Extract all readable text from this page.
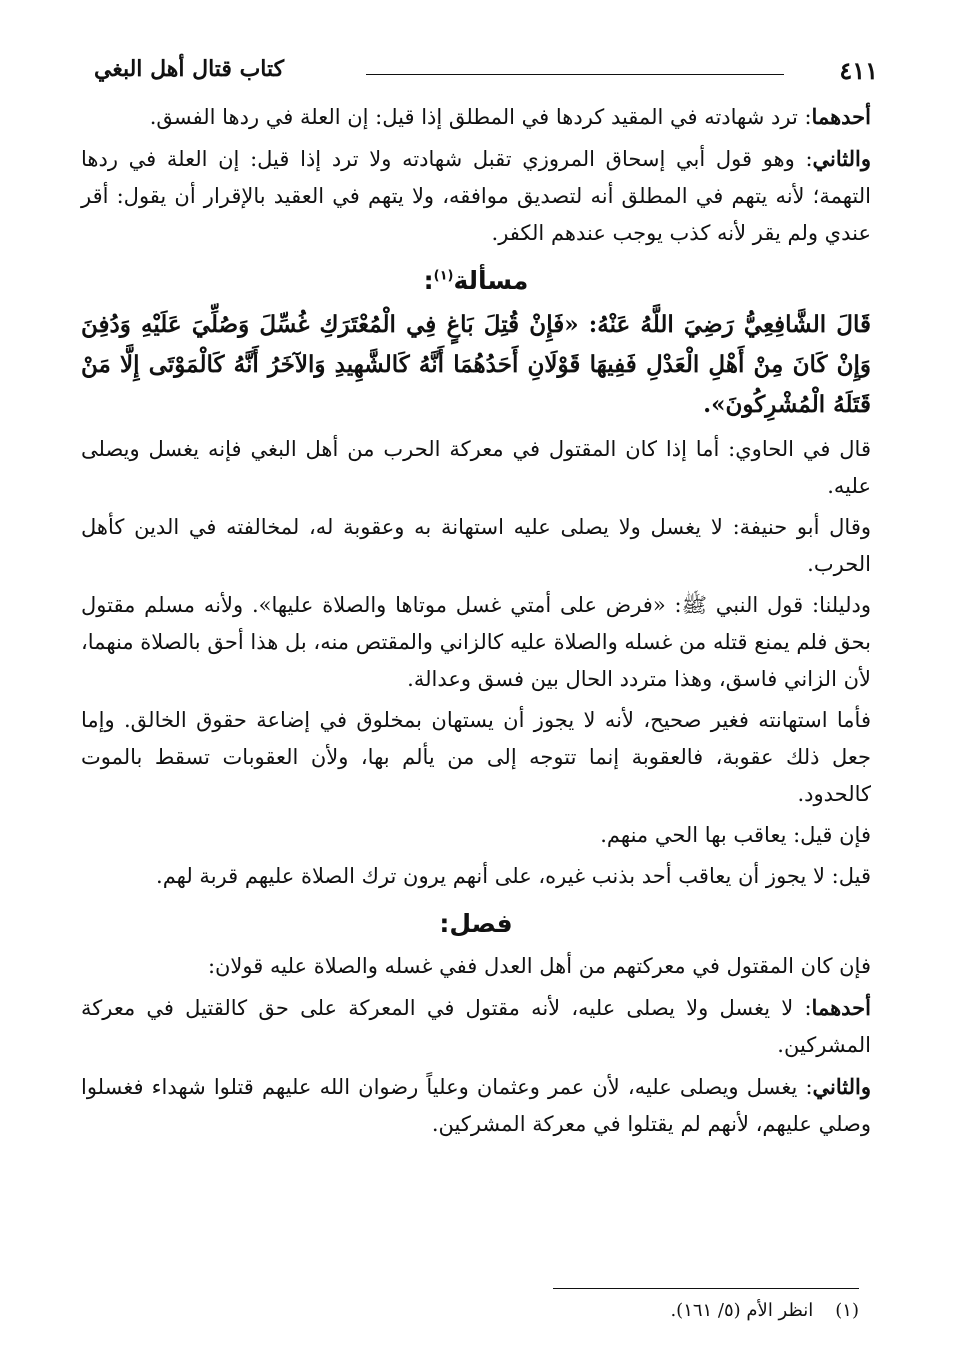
٤١١
كتاب قتال أهل البغي

أحدهما: ترد شهادته في المقيد كردها في المطلق إذا قيل: إن العلة في ردها الفسق.

والثاني: وهو قول أبي إسحاق المروزي تقبل شهادته ولا ترد إذا قيل: إن العلة في ردها التهمة؛ لأنه يتهم في المطلق أنه لتصديق موافقه، ولا يتهم في العقيد بالإقرار أن يقول: أقر عندي ولم يقر لأنه كذب يوجب عندهم الكفر.

مسألة$^{(١)}$:

قَالَ الشَّافِعِيُّ رَضِيَ اللَّهُ عَنْهُ: «فَإِنْ قُتِلَ بَاغٍ فِي الْمُعْتَرَكِ غُسِّلَ وَصُلِّيَ عَلَيْهِ وَدُفِنَ وَإِنْ كَانَ مِنْ أَهْلِ الْعَدْلِ فَفِيهَا قَوْلَانِ أَحَدُهُمَا أَنَّهُ كَالشَّهِيدِ وَالآخَرُ أَنَّهُ كَالْمَوْتَى إِلَّا مَنْ قَتَلَهُ الْمُشْرِكُونَ».

قال في الحاوي: أما إذا كان المقتول في معركة الحرب من أهل البغي فإنه يغسل ويصلى عليه.

وقال أبو حنيفة: لا يغسل ولا يصلى عليه استهانة به وعقوبة له، لمخالفته في الدين كأهل الحرب.

ودليلنا: قول النبي ﷺ: «فرض على أمتي غسل موتاها والصلاة عليها». ولأنه مسلم مقتول بحق فلم يمنع قتله من غسله والصلاة عليه كالزاني والمقتص منه، بل هذا أحق بالصلاة منهما، لأن الزاني فاسق، وهذا متردد الحال بين فسق وعدالة.

فأما استهانته فغير صحيح، لأنه لا يجوز أن يستهان بمخلوق في إضاعة حقوق الخالق. وإما جعل ذلك عقوبة، فالعقوبة إنما تتوجه إلى من يألم بها، ولأن العقوبات تسقط بالموت كالحدود.

فإن قيل: يعاقب بها الحي منهم.

قيل: لا يجوز أن يعاقب أحد بذنب غيره، على أنهم يرون ترك الصلاة عليهم قربة لهم.

فصل:

فإن كان المقتول في معركتهم من أهل العدل ففي غسله والصلاة عليه قولان:

أحدهما: لا يغسل ولا يصلى عليه، لأنه مقتول في المعركة على حق كالقتيل في معركة المشركين.

والثاني: يغسل ويصلى عليه، لأن عمر وعثمان وعلياً رضوان الله عليهم قتلوا شهداء فغسلوا وصلي عليهم، لأنهم لم يقتلوا في معركة المشركين.

(١)انظر الأم (٥/ ١٦١).
